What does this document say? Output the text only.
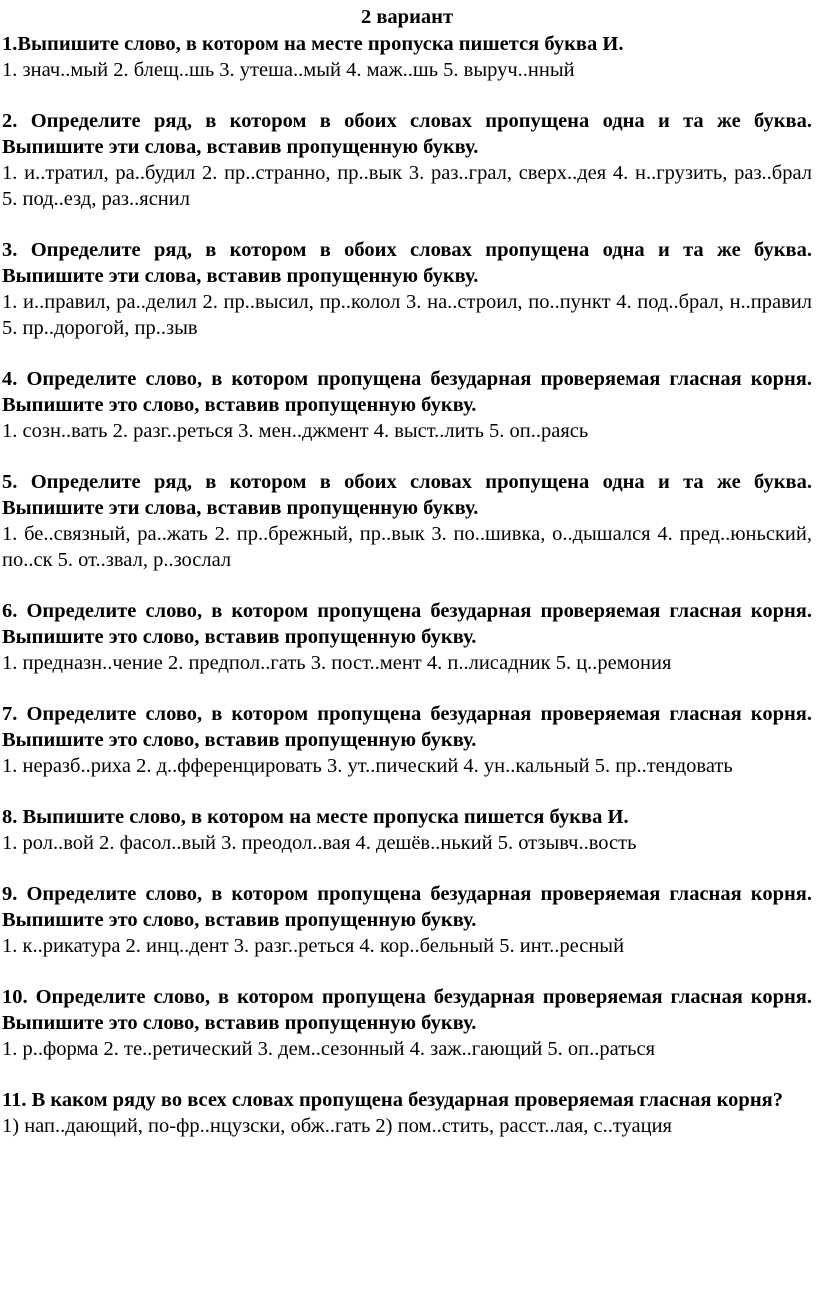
2 вариант

1.Выпишите слово, в котором на месте пропуска пишется буква И.

1. знач..мый 2. блещ..шь 3. утеша..мый 4. маж..шь 5. выруч..нный

2. Определите ряд, в котором в обоих словах пропущена одна и та же буква. Выпишите эти слова, вставив пропущенную букву.

1. и..тратил, ра..будил 2. пр..странно, пр..вык 3. раз..грал, сверх..дея 4. н..грузить, раз..брал 5. под..езд, раз..яснил

3. Определите ряд, в котором в обоих словах пропущена одна и та же буква. Выпишите эти слова, вставив пропущенную букву.

1. и..правил, ра..делил 2. пр..высил, пр..колол 3. на..строил, по..пункт 4. под..брал, н..правил 5. пр..дорогой, пр..зыв

4. Определите слово, в котором пропущена безударная проверяемая гласная корня. Выпишите это слово, вставив пропущенную букву.

1. созн..вать 2. разг..реться 3. мен..джмент 4. выст..лить 5. оп..раясь

5. Определите ряд, в котором в обоих словах пропущена одна и та же буква. Выпишите эти слова, вставив пропущенную букву.

1. бе..связный, ра..жать 2. пр..брежный, пр..вык 3. по..шивка, о..дышался 4. пред..юньский, по..ск 5. от..звал, р..зослал

6. Определите слово, в котором пропущена безударная проверяемая гласная корня. Выпишите это слово, вставив пропущенную букву.

1. предназн..чение 2. предпол..гать 3. пост..мент 4. п..лисадник 5. ц..ремония

7. Определите слово, в котором пропущена безударная проверяемая гласная корня. Выпишите это слово, вставив пропущенную букву.

1. неразб..риха 2. д..фференцировать 3. ут..пический 4. ун..кальный 5. пр..тендовать

8. Выпишите слово, в котором на месте пропуска пишется буква И.

1. рол..вой 2. фасол..вый 3. преодол..вая 4. дешёв..нький 5. отзывч..вость

9. Определите слово, в котором пропущена безударная проверяемая гласная корня. Выпишите это слово, вставив пропущенную букву.

1. к..рикатура 2. инц..дент 3. разг..реться 4. кор..бельный 5. инт..ресный

10. Определите слово, в котором пропущена безударная проверяемая гласная корня. Выпишите это слово, вставив пропущенную букву.

1. р..форма 2. те..ретический 3. дем..сезонный 4. заж..гающий 5. оп..раться

11. В каком ряду во всех словах пропущена безударная проверяемая гласная корня?

1) нап..дающий, по-фр..нцузски, обж..гать 2) пом..стить, расст..лая, с..туация
